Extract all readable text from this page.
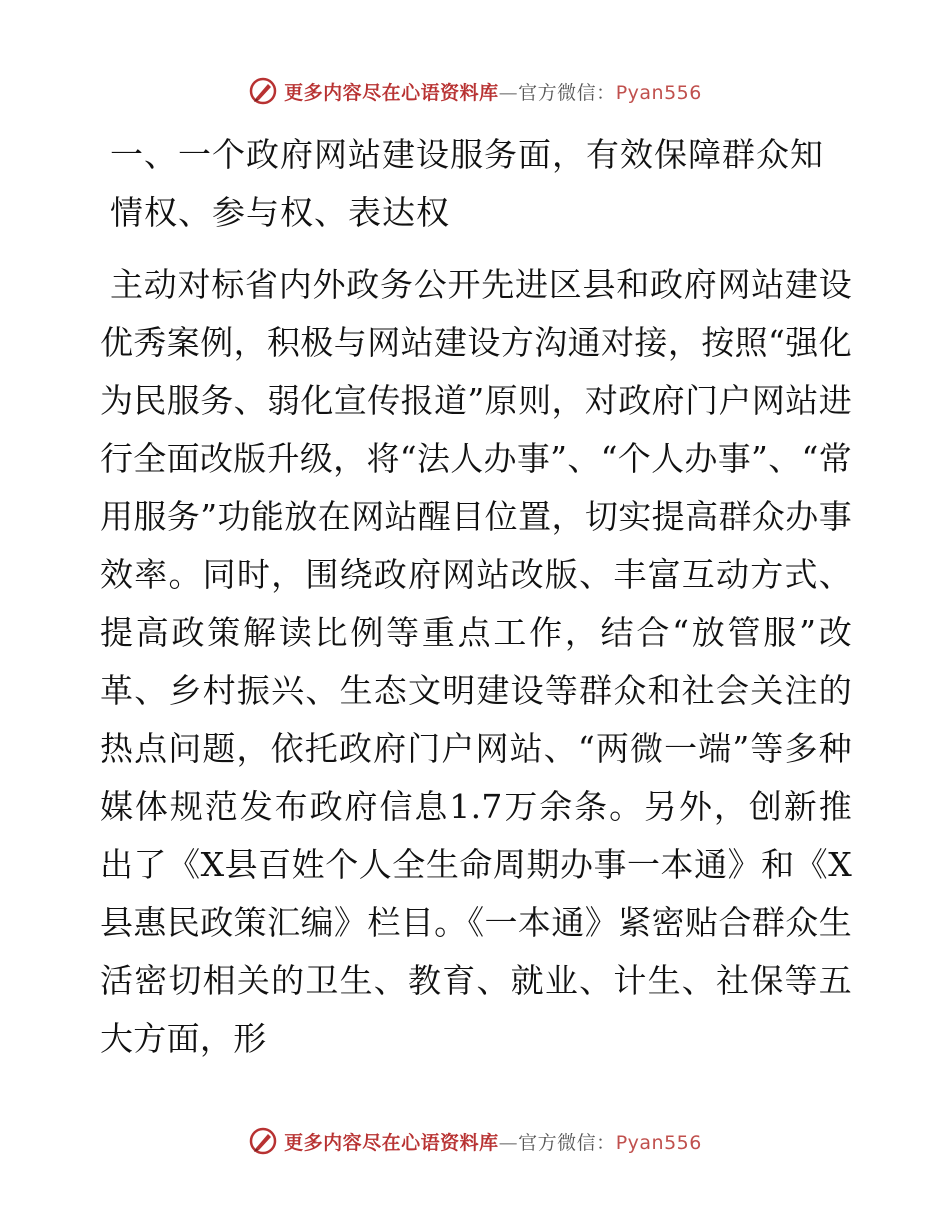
更多内容尽在心语资料库—官方微信：Pyan556
一、一个政府网站建设服务面，有效保障群众知情权、参与权、表达权

主动对标省内外政务公开先进区县和政府网站建设优秀案例，积极与网站建设方沟通对接，按照“强化为民服务、弱化宣传报道”原则，对政府门户网站进行全面改版升级，将“法人办事”、“个人办事”、“常用服务”功能放在网站醒目位置，切实提高群众办事效率。同时，围绕政府网站改版、丰富互动方式、提高政策解读比例等重点工作，结合“放管服”改革、乡村振兴、生态文明建设等群众和社会关注的热点问题，依托政府门户网站、“两微一端”等多种媒体规范发布政府信息1.7万余条。另外，创新推出了《X县百姓个人全生命周期办事一本通》和《X县惠民政策汇编》栏目。《一本通》紧密贴合群众生活密切相关的卫生、教育、就业、计生、社保等五大方面，形

更多内容尽在心语资料库—官方微信：Pyan556
